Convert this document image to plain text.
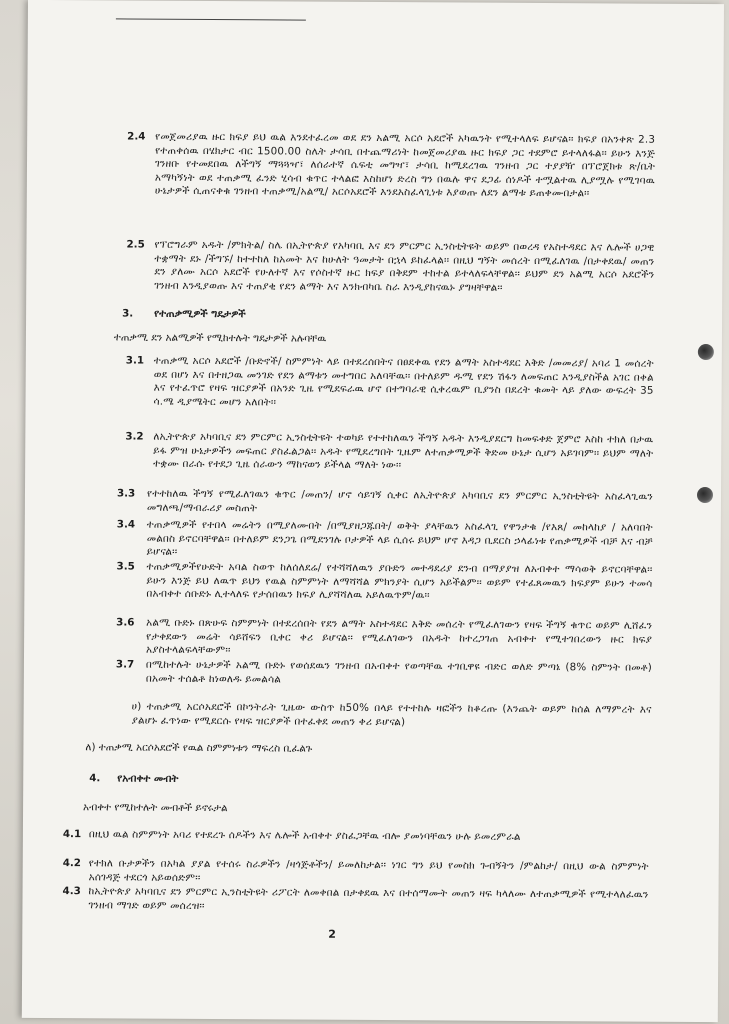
2.4 የመጀመሪያዉ ዙር ክፍያ ይህ ዉል እንደተፈረመ ወደ ደን አልሚ አርሶ አደሮች አካዉንት የሚተላለፍ ይሆናል፡፡ ክፍያ በአንቀጽ 2.3 የተጠቀሰዉ በሄክታር ብር 1500.00 ስሌት ታሳቢ በተጨማሪነት ከመጀመሪያዉ ዙር ክፍያ ጋር ተደምሮ ይተላለፋል፡፡ ይሁን እንጅ ገንዘቡ የተመደበዉ ለችግኝ ማጓጓዣ፣ ለሰራተኛ ሴፍቲ መግዣ፣ ታሳቢ ከሚደረገዉ ገንዘብ ጋር ተያያዥ በፕሮጀክቱ ጽ/ቤት አማካኝነት ወደ ተጠቃሚ ፈንድ ሂሳብ ቁጥር ተላልፎ እስከሆነ ድረስ ግን በዉሉ ዋና ደጋፊ ሰነዶች ተሟልተዉ ሊያሟሉ የሚገባዉ ሁኔታዎች ሲጠናቀቁ ገንዘብ ተጠቃሚ/አልሚ/ አርሶአደሮች እንደአስፈላጊነቱ እያወጡ ለደን ልማቱ ይጠቀሙበታል፡፡
2.5 የፕሮግራም አዱት /ምክትል/ ስሌ በኢትዮጵያ የአካባቢ እና ደን ምርምር ኢንስቲትዩት ወይም በወረዳ የአስተዳደር እና ሌሎች ሀጋዊ ተቋማት ደኑ /ችግኙ/ ከተተከለ ከአመት እና ከሁለት ዓመታት በኋላ ይከፈላል፡፡ በዚህ ግኝት መሰረት በሚፈለገዉ /በታቀደዉ/ መጠን ደን ያለሙ አርሶ አደሮች የሁለተኛ እና የሶስተኛ ዙር ክፍያ በቅደም ተከተል ይተላለፍላቸዋል፡፡ ይህም ደን አልሚ አርሶ አደሮችን ገንዘብ እንዲያወጡ እና ተጠያቂ የደን ልማት እና እንክብካቤ ስራ እንዲያከናዉኑ ያግዛቸዋል፡፡
3. የተጠቃሚዎች ግዴታዎች
ተጠቃሚ ደን አልሚዎች የሚከተሉት ግዴታዎች አሉባቸዉ
3.1 ተጠቃሚ አርሶ አደሮች /ቡድኖች/ ስምምነት ላይ በተደረሰበትና በፀደቀዉ የደን ልማት አስተዳደር እቅድ /መመሪያ/ አባሪ 1 መሰረት ወደ በሆነ እና በተዘጋዉ መንገድ የደን ልማቱን መተግበር አለባቸዉ፡፡ በተለይም ዱሚ የደን ሽፋን ለመፍጠር እንዲያስችል አገር በቀል እና የተፈጥሮ የዛፍ ዝርያዎች በአንድ ጊዜ የሚደፍራዉ ሆኖ በተግባራዊ ሲቀረዉም ቢያንስ በደረት ቁመት ላይ ያለው ውፍረት 35 ሳ.ሜ ዲያሜትር መሆን አለበት፡፡
3.2 ለኢትዮጵያ አካባቢና ደን ምርምር ኢንስቲትዩት ተወካይ የተተከለዉን ችግኝ አዱት እንዲያደርግ ከመፍቀድ ጀምሮ እስከ ተክለ በታዉ ይፋ ምዝ ሁኔታዎችን መፍጠር ያስፈልጋል፡፡ አዱት የሚደረግበት ጊዜም ለተጠቃሚዎች ቅድመ ሁኔታ ሲሆን አይገባም፡፡ ይህም ማለት ተቋሙ በራሱ የተደጋ ጊዜ ሰራውን ማከናወን ይችላል ማለት ነው፡፡
3.3 የተተከለዉ ችግኝ የሚፈለገዉን ቁጥር /መጠን/ ሆኖ ሳይገኝ ሲቀር ለኢትዮጵያ አካባቢና ደን ምርምር ኢንስቲትዩት አስፈላጊዉን መግለጫ/ማብራሪያ መስጠት
3.4 ተጠቃሚዎች የተበላ መሬትን በሚያለሙበት /በሚያዘጋጁበት/ ወቅት ያላቸዉን አስፈላጊ የዋንታቁ /የእጸ/ መከላከያ / አለባበት መልበስ ይኖርባቸዋል፡፡ በተለይም ደንጋጌ በሚደንገሉ ቦታዎች ላይ ሲሰሩ ይህም ሆኖ እዳጋ ቢደርስ ኃላፊነቱ የጠቃሚዎች ብቻ እና ብቻ ይሆናል፡፡
3.5 ተጠቃሚዎችየሁድት አባል ስወጥ ከለሰለደሬ/ የተሻሻለዉን ያቡድን መተዳደሪያ ደንብ በማያያዝ ለአብቀተ ማሳወቅ ይኖርባቸዋል፡፡ ይሁን እንጅ ይህ ለዉጥ ይህን የዉል ስምምነት ለማሻሻል ምክንያት ሲሆን አይችልም፡፡ ወይም የተፈጸመዉን ክፍያም ይሁን ተመሳ በአብቀተ ሰቡድኑ ሊተላለፍ የታሰበዉን ክፍያ ሊያሻሻለዉ አይለዉጥም/ዉ፡፡
3.6 አልሚ ቡድኑ በጽሁፍ ስምምነት በተደረሰበት የደን ልማት አስተዳደር እቅድ መሰረት የሚፈለገውን የዛፍ ችግኝ ቁጥር ወይም ሊሸፈን የታቀደውን መሬት ሳይሸፍን ቢቀር ቀሪ ይሆናል፡፡ የሚፈለገውን በአዱት ከተረጋገጠ አብቀተ የሚተገበረውን ዙር ክፍያ አያስተላልፍላቸውም፡፡
3.7 በሚከተሉት ሁኔታዎች አልሚ ቡድኑ የወሰደዉን ገንዘብ በአብቀተ የወጣቸዉ ተገቢዋዩ ብድር ወለድ ምጣኔ (8% ስምንት በመቶ) በአመት ተሰልቶ ከነወለዱ ይመልሳል
ሀ) ተጠቃሚ አርሶአደሮች በኮንትራት ጊዜው ውስጥ ከ50% በላይ የተተከሉ ዛፎችን ከቆረጡ (እንጨት ወይም ከሰል ለማምረት እና ያልሆኑ ፈጥነው የሚደርሱ የዛፍ ዝርያዎች በተፈቀደ መጠን ቀሪ ይሆናል)
ለ) ተጠቃሚ አርሶአደሮች የዉል ስምምነቱን ማፍረስ ቢፈልጉ
4. የአብቀተ መብት
አብቀተ የሚከተሉት መብቶች ይኖሩታል
4.1 በዚህ ዉል ስምምነት አባሪ የተደረጉ ሰዶችን እና ሌሎች አብቀተ ያስፈጋቸዉ ብሎ ያመነባቸዉን ሁሉ ይመረምራል
4.2 የተክለ ቡታዎችን በአካል ያያል የተሰሩ ስራዎችን /ዛጎጅቶችን/ ይመለከታል፡፡ ነገር ግን ይህ የመስክ ጉብኝትን /ምልከታ/ በዚህ ውል ስምምነት አሰገዳጅ ተደርጎ አይወሰድም፡፡
4.3 ከኢትዮጵያ አካባቢና ደን ምርምር ኢንስቲትዩት ሪፖርት ለመቀበል በታቀደዉ እና በተሰማሙት መጠን ዛፍ ካላለሙ ለተጠቃሚዎች የሚተላለፈዉን ገንዘብ ማገድ ወይም መሰረዝ፡፡
2
